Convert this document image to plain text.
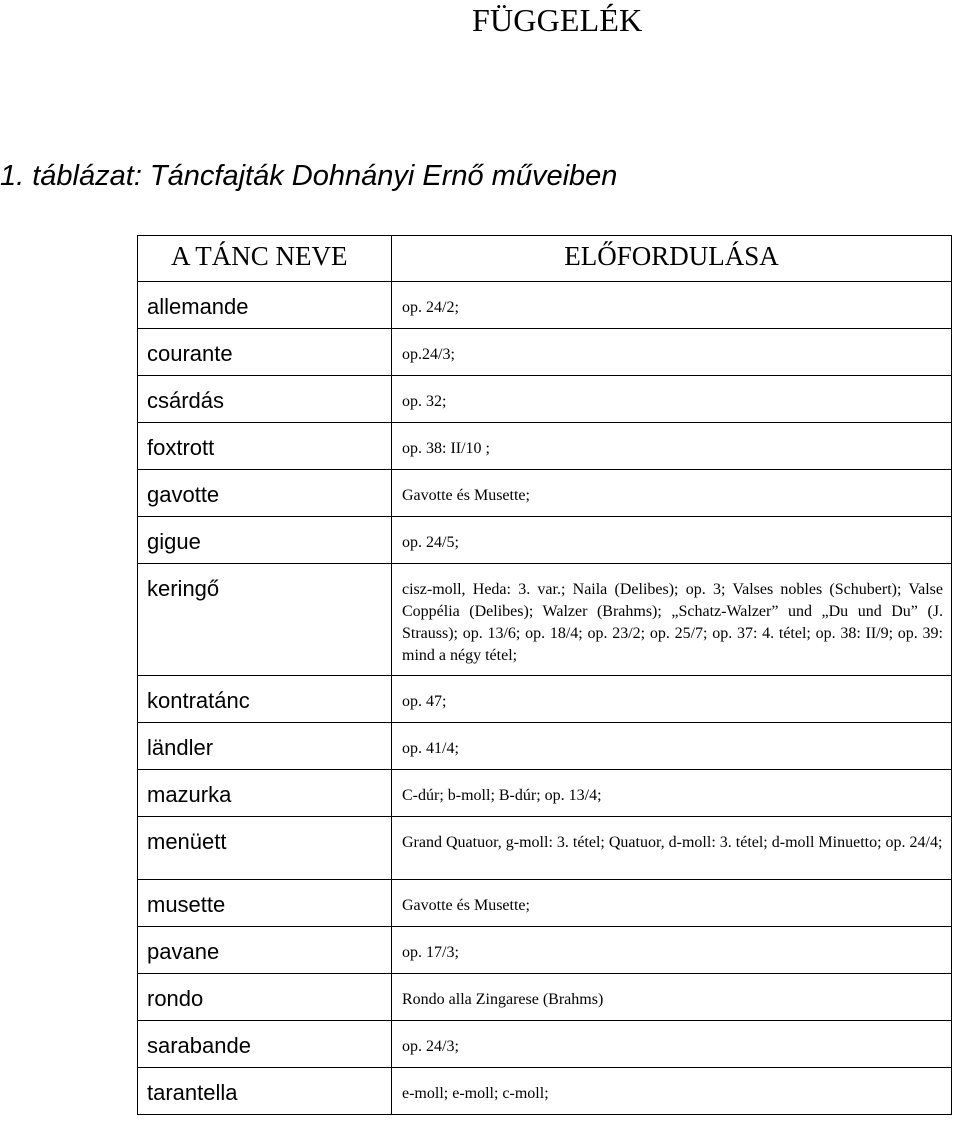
FÜGGELÉK
1. táblázat: Táncfajták Dohnányi Ernő műveiben
A TÁNC NEVE	ELŐFORDULÁSA
allemande	op. 24/2;
courante	op.24/3;
csárdás	op. 32;
foxtrott	op. 38: II/10 ;
gavotte	Gavotte és Musette;
gigue	op. 24/5;
keringő	cisz-moll, Heda: 3. var.; Naila (Delibes); op. 3; Valses nobles (Schubert); Valse Coppélia (Delibes); Walzer (Brahms); „Schatz-Walzer” und „Du und Du” (J. Strauss); op. 13/6; op. 18/4; op. 23/2; op. 25/7; op. 37: 4. tétel; op. 38: II/9; op. 39: mind a négy tétel;
kontratánc	op. 47;
ländler	op. 41/4;
mazurka	C-dúr; b-moll; B-dúr; op. 13/4;
menüett	Grand Quatuor, g-moll: 3. tétel; Quatuor, d-moll: 3. tétel; d-moll Minuetto; op. 24/4;
musette	Gavotte és Musette;
pavane	op. 17/3;
rondo	Rondo alla Zingarese (Brahms)
sarabande	op. 24/3;
tarantella	e-moll; e-moll; c-moll;
